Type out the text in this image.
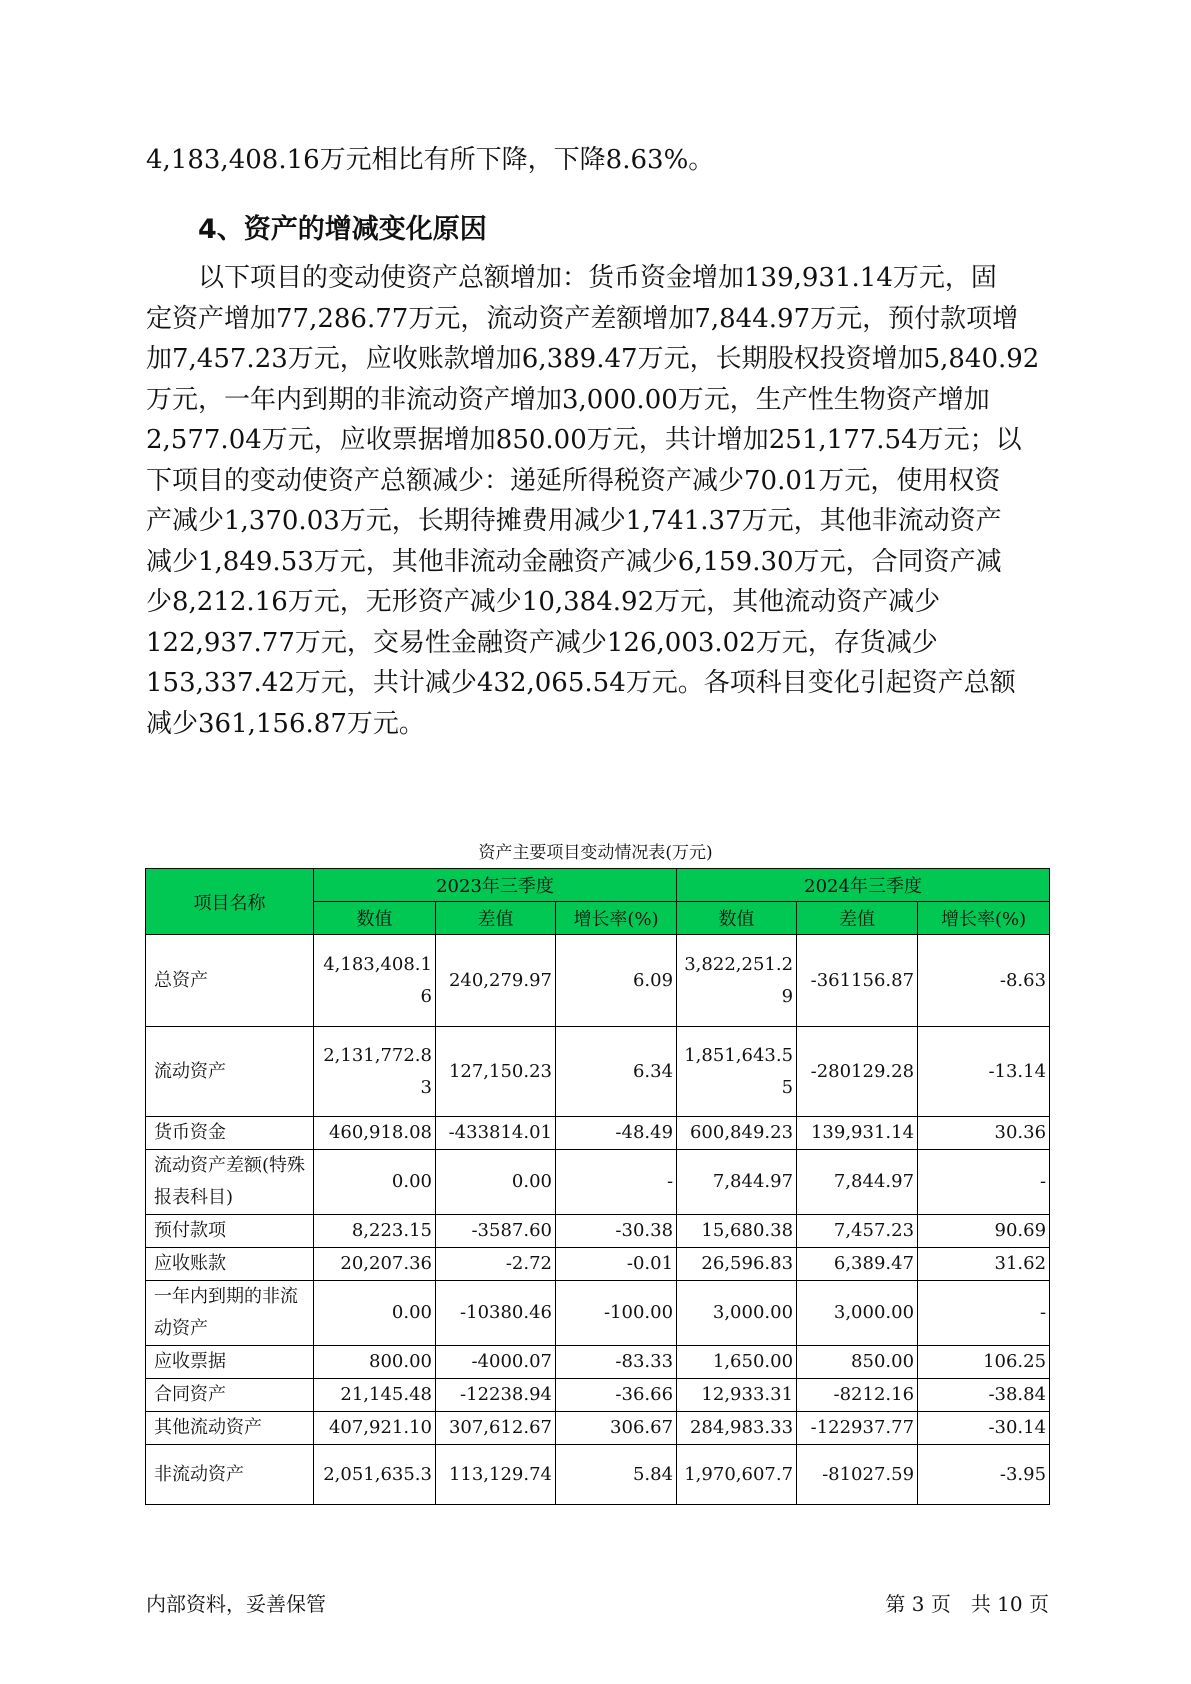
4,183,408.16万元相比有所下降，下降8.63%。
4、资产的增减变化原因
　　以下项目的变动使资产总额增加：货币资金增加139,931.14万元，固
定资产增加77,286.77万元，流动资产差额增加7,844.97万元，预付款项增
加7,457.23万元，应收账款增加6,389.47万元，长期股权投资增加5,840.92
万元，一年内到期的非流动资产增加3,000.00万元，生产性生物资产增加
2,577.04万元，应收票据增加850.00万元，共计增加251,177.54万元；以
下项目的变动使资产总额减少：递延所得税资产减少70.01万元，使用权资
产减少1,370.03万元，长期待摊费用减少1,741.37万元，其他非流动资产
减少1,849.53万元，其他非流动金融资产减少6,159.30万元，合同资产减
少8,212.16万元，无形资产减少10,384.92万元，其他流动资产减少
122,937.77万元，交易性金融资产减少126,003.02万元，存货减少
153,337.42万元，共计减少432,065.54万元。各项科目变化引起资产总额
减少361,156.87万元。
资产主要项目变动情况表(万元)
项目名称	2023年三季度			2024年三季度		
	数值	差值	增长率(%)	数值	差值	增长率(%)
总资产	4,183,408.16	240,279.97	6.09	3,822,251.29	-361156.87	-8.63
流动资产	2,131,772.83	127,150.23	6.34	1,851,643.55	-280129.28	-13.14
货币资金	460,918.08	-433814.01	-48.49	600,849.23	139,931.14	30.36
流动资产差额(特殊报表科目)	0.00	0.00	-	7,844.97	7,844.97	-
预付款项	8,223.15	-3587.60	-30.38	15,680.38	7,457.23	90.69
应收账款	20,207.36	-2.72	-0.01	26,596.83	6,389.47	31.62
一年内到期的非流动资产	0.00	-10380.46	-100.00	3,000.00	3,000.00	-
应收票据	800.00	-4000.07	-83.33	1,650.00	850.00	106.25
合同资产	21,145.48	-12238.94	-36.66	12,933.31	-8212.16	-38.84
其他流动资产	407,921.10	307,612.67	306.67	284,983.33	-122937.77	-30.14
非流动资产	2,051,635.3	113,129.74	5.84	1,970,607.7	-81027.59	-3.95
内部资料，妥善保管	第 3 页　共 10 页
